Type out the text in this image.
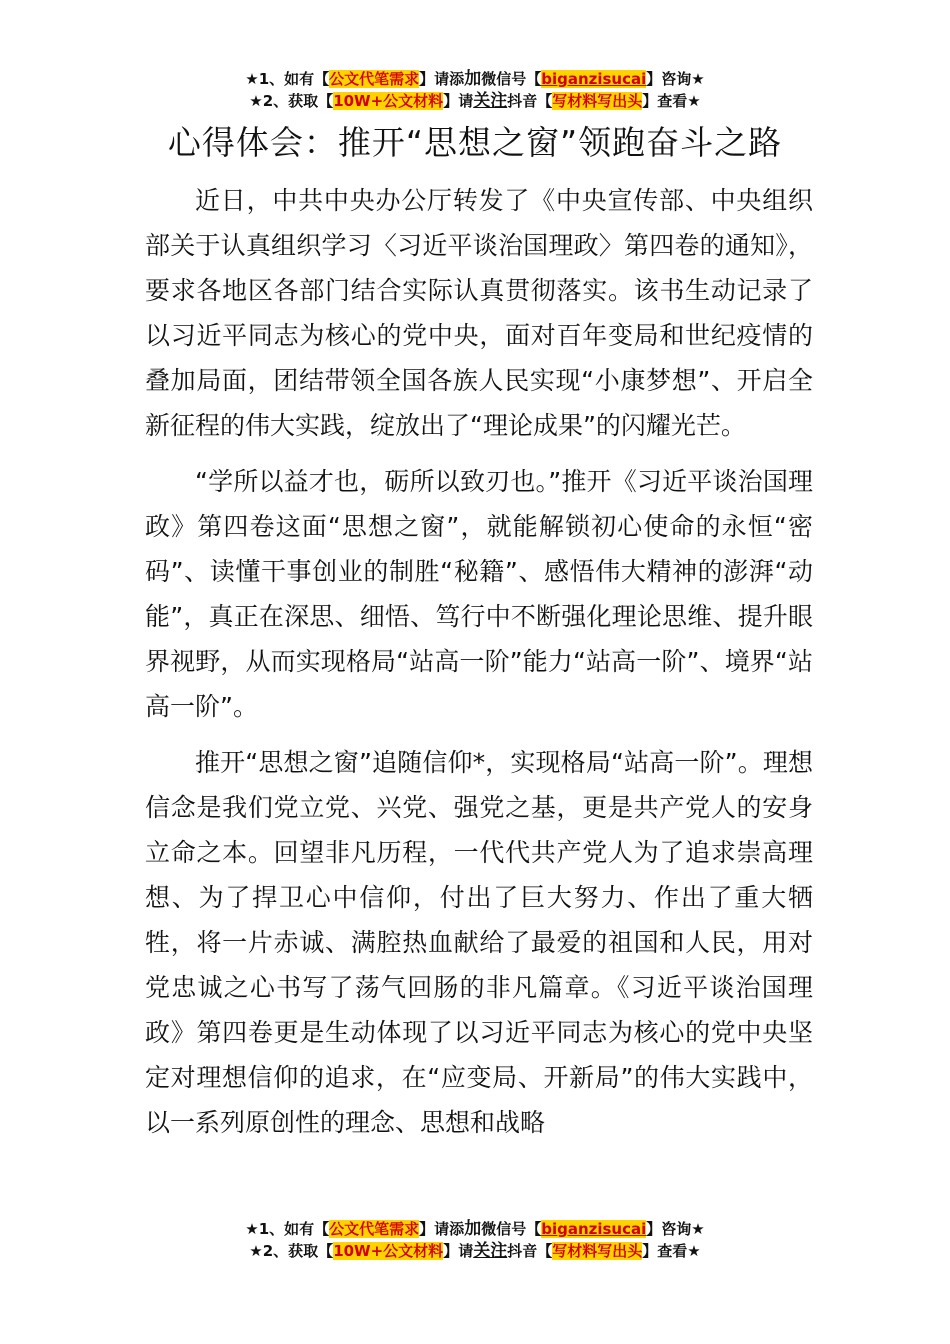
★1、如有【公文代笔需求】请添加微信号【biganzisucai】咨询★
★2、获取【10W+公文材料】请关注抖音【写材料写出头】查看★
心得体会：推开“思想之窗”领跑奋斗之路

近日，中共中央办公厅转发了《中央宣传部、中央组织部关于认真组织学习〈习近平谈治国理政〉第四卷的通知》，要求各地区各部门结合实际认真贯彻落实。该书生动记录了以习近平同志为核心的党中央，面对百年变局和世纪疫情的叠加局面，团结带领全国各族人民实现“小康梦想”、开启全新征程的伟大实践，绽放出了“理论成果”的闪耀光芒。

“学所以益才也，砺所以致刃也。”推开《习近平谈治国理政》第四卷这面“思想之窗”，就能解锁初心使命的永恒“密码”、读懂干事创业的制胜“秘籍”、感悟伟大精神的澎湃“动能”，真正在深思、细悟、笃行中不断强化理论思维、提升眼界视野，从而实现格局“站高一阶”能力“站高一阶”、境界“站高一阶”。

推开“思想之窗”追随信仰*，实现格局“站高一阶”。理想信念是我们党立党、兴党、强党之基，更是共产党人的安身立命之本。回望非凡历程，一代代共产党人为了追求崇高理想、为了捍卫心中信仰，付出了巨大努力、作出了重大牺牲，将一片赤诚、满腔热血献给了最爱的祖国和人民，用对党忠诚之心书写了荡气回肠的非凡篇章。《习近平谈治国理政》第四卷更是生动体现了以习近平同志为核心的党中央坚定对理想信仰的追求，在“应变局、开新局”的伟大实践中，以一系列原创性的理念、思想和战略

★1、如有【公文代笔需求】请添加微信号【biganzisucai】咨询★
★2、获取【10W+公文材料】请关注抖音【写材料写出头】查看★
